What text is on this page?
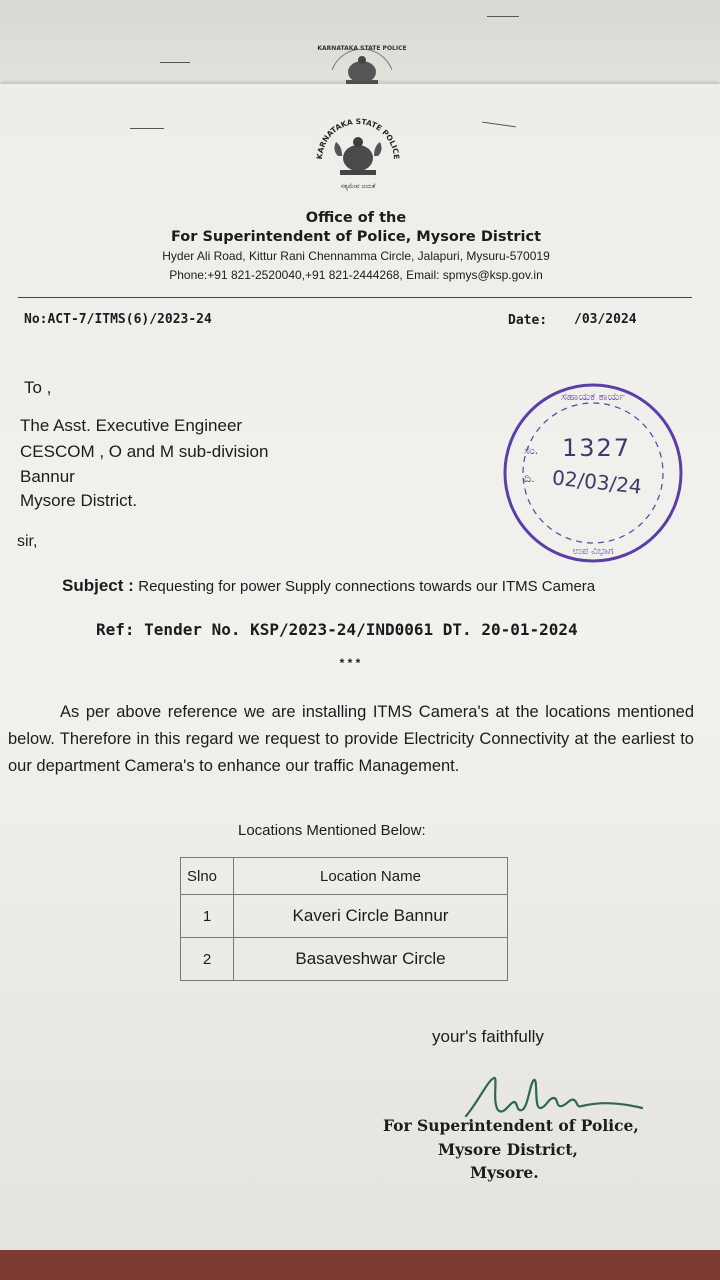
KARNATAKA STATE POLICE
KARNATAKA STATE POLICE
ಸತ್ಯಮೇವ ಜಯತೆ
Office of the
For Superintendent of Police, Mysore District
Hyder Ali Road, Kittur Rani Chennamma Circle, Jalapuri, Mysuru-570019
Phone:+91 821-2520040,+91 821-2444268, Email: spmys@ksp.gov.in
No:ACT-7/ITMS(6)/2023-24	Date: /03/2024
To ,
The Asst. Executive Engineer
CESCOM , O and M sub-division
Bannur
Mysore District.
ಸಹಾಯಕ ಕಾರ್ಯ
ಉಪ ವಿಭಾಗ
ಸಂ.
ದಿ.
1327
02/03/24
sir,
Subject : Requesting for power Supply connections towards our ITMS Camera
Ref: Tender No. KSP/2023-24/IND0061 DT. 20-01-2024
* * *
As per above reference we are installing ITMS Camera's at the locations mentioned below. Therefore in this regard we request to provide Electricity Connectivity at the earliest to our department Camera's to enhance our traffic Management.
Locations Mentioned Below:
Slno	Location Name
1	Kaveri Circle Bannur
2	Basaveshwar Circle
your's faithfully
For Superintendent of Police,
Mysore District,
Mysore.
